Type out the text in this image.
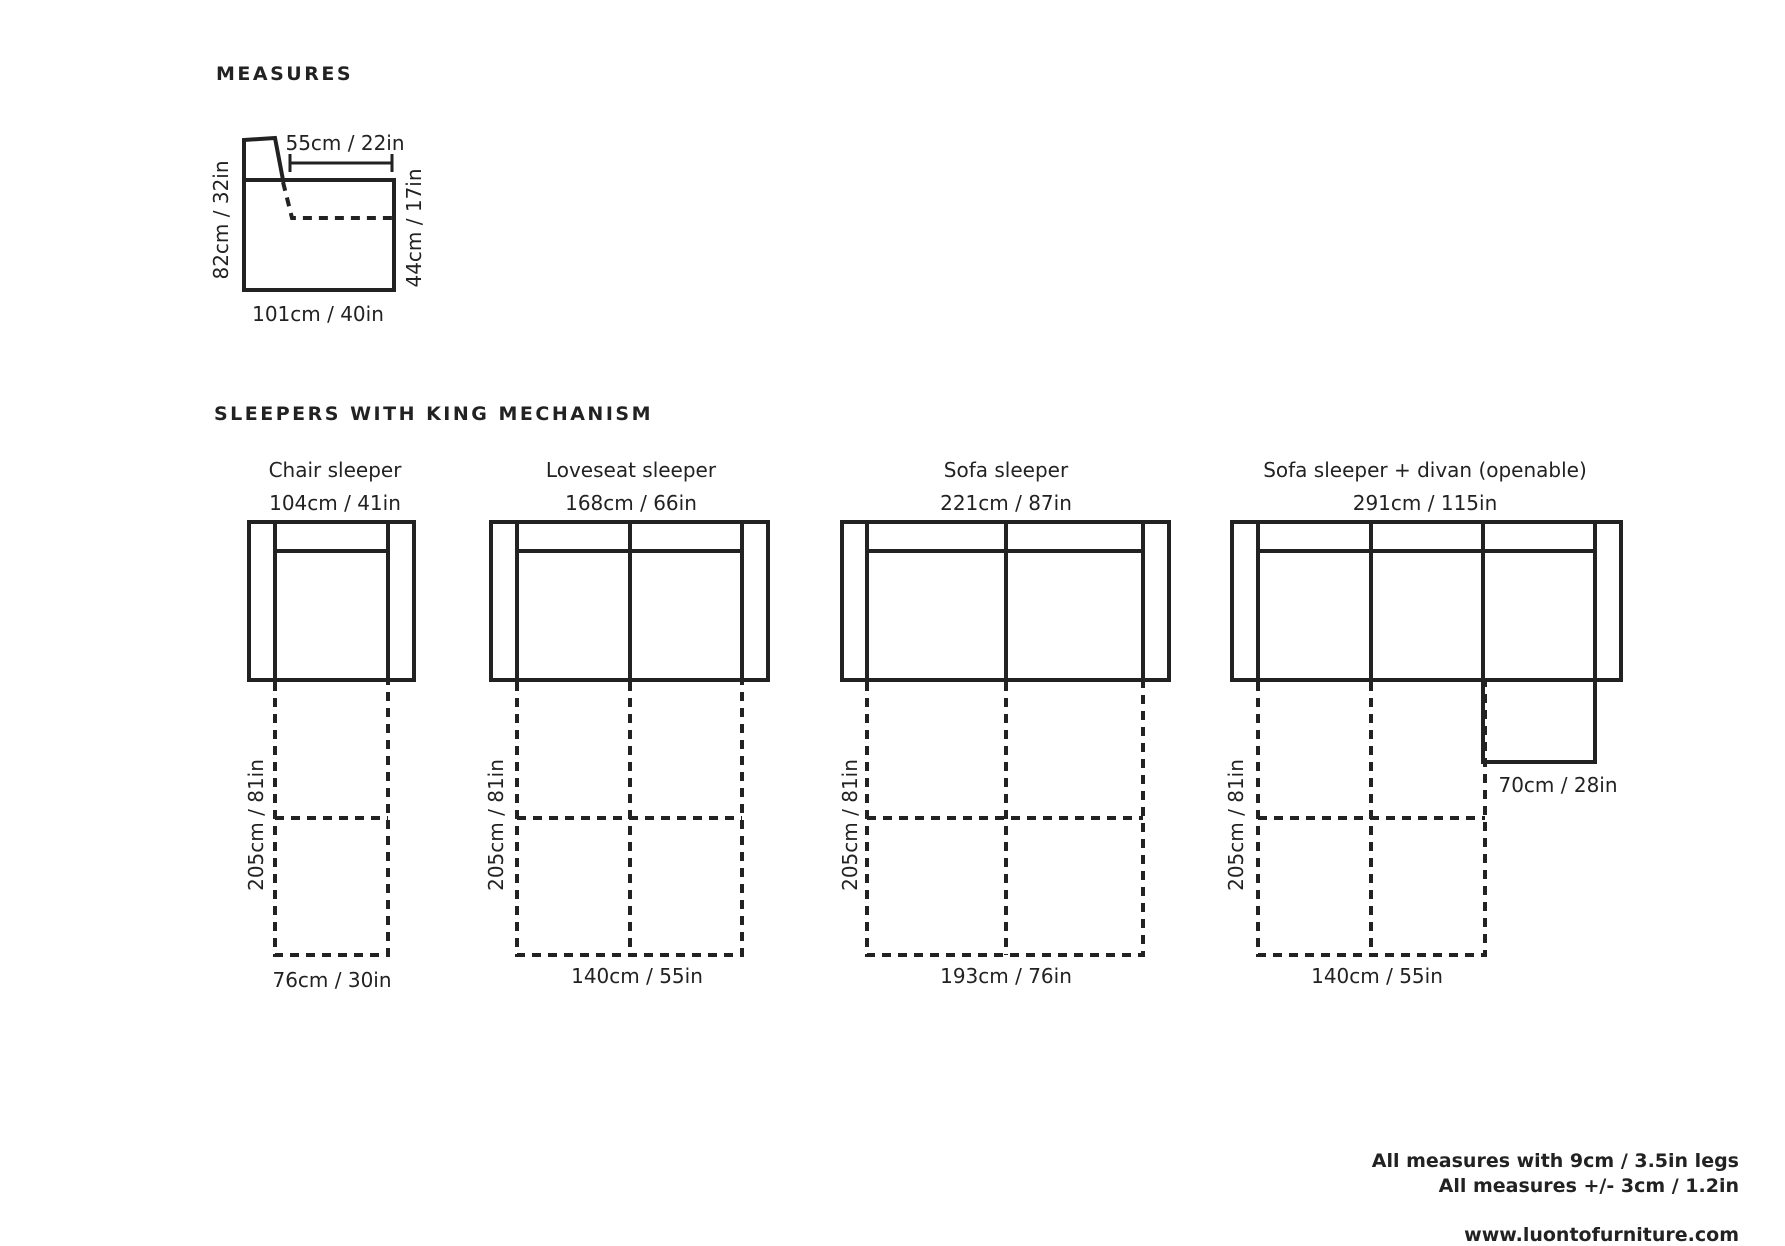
MEASURES
SLEEPERS WITH KING MECHANISM
55cm / 22in
82cm / 32in	44cm / 17in
101cm / 40in
Chair sleeper
104cm / 41in
205cm / 81in
76cm / 30in
Loveseat sleeper
168cm / 66in
205cm / 81in
140cm / 55in
Sofa sleeper
221cm / 87in
205cm / 81in
193cm / 76in
Sofa sleeper + divan (openable)
291cm / 115in
205cm / 81in
140cm / 55in
70cm / 28in
All measures with 9cm / 3.5in legs
All measures +/- 3cm / 1.2in
www.luontofurniture.com
